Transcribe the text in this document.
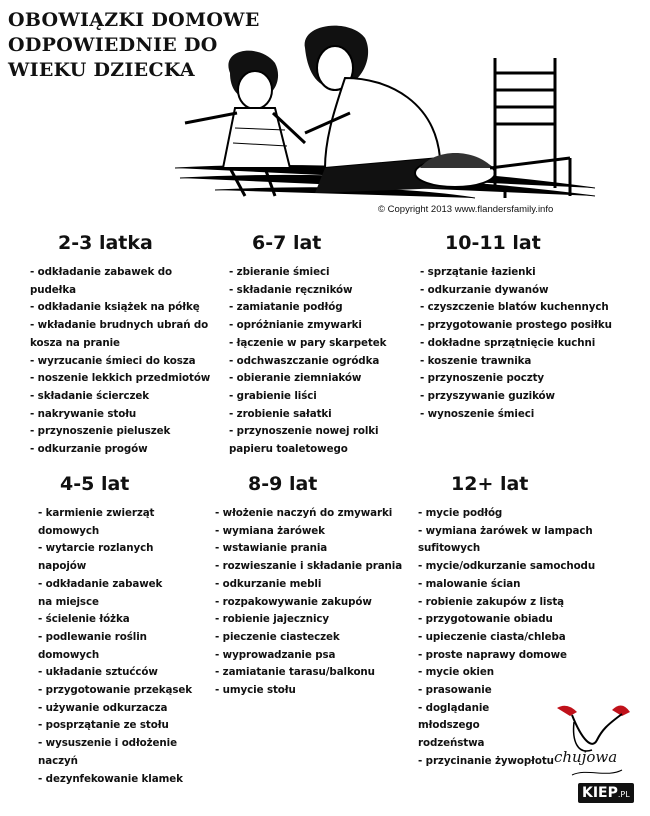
OBOWIĄZKI DOMOWE
ODPOWIEDNIE DO
WIEKU DZIECKA
© Copyright 2013 www.flandersfamily.info
2-3 latka
- odkładanie zabawek do pudełka
- odkładanie książek na półkę
- wkładanie brudnych ubrań do kosza na pranie
- wyrzucanie śmieci do kosza
- noszenie lekkich przedmiotów
- składanie ścierczek
- nakrywanie stołu
- przynoszenie pieluszek
- odkurzanie progów
6-7 lat
- zbieranie śmieci
- składanie ręczników
- zamiatanie podłóg
- opróżnianie zmywarki
- łączenie w pary skarpetek
- odchwaszczanie ogródka
- obieranie ziemniaków
- grabienie liści
- zrobienie sałatki
- przynoszenie nowej rolki papieru toaletowego
10-11 lat
- sprzątanie łazienki
- odkurzanie dywanów
- czyszczenie blatów kuchennych
- przygotowanie prostego posiłku
- dokładne sprzątnięcie kuchni
- koszenie trawnika
- przynoszenie poczty
- przyszywanie guzików
- wynoszenie śmieci
4-5 lat
- karmienie zwierząt domowych
- wytarcie rozlanych napojów
- odkładanie zabawek na miejsce
- ścielenie łóżka
- podlewanie roślin domowych
- układanie sztućców
- przygotowanie przekąsek
- używanie odkurzacza
- posprzątanie ze stołu
- wysuszenie i odłożenie naczyń
- dezynfekowanie klamek
8-9 lat
- włożenie naczyń do zmywarki
- wymiana żarówek
- wstawianie prania
- rozwieszanie i składanie prania
- odkurzanie mebli
- rozpakowywanie zakupów
- robienie jajecznicy
- pieczenie ciasteczek
- wyprowadzanie psa
- zamiatanie tarasu/balkonu
- umycie stołu
12+ lat
- mycie podłóg
- wymiana żarówek w lampach sufitowych
- mycie/odkurzanie samochodu
- malowanie ścian
- robienie zakupów z listą
- przygotowanie obiadu
- upieczenie ciasta/chleba
- proste naprawy domowe
- mycie okien
- prasowanie
- doglądanie młodszego rodzeństwa
- przycinanie żywopłotu chujowa
KIEP.PL
